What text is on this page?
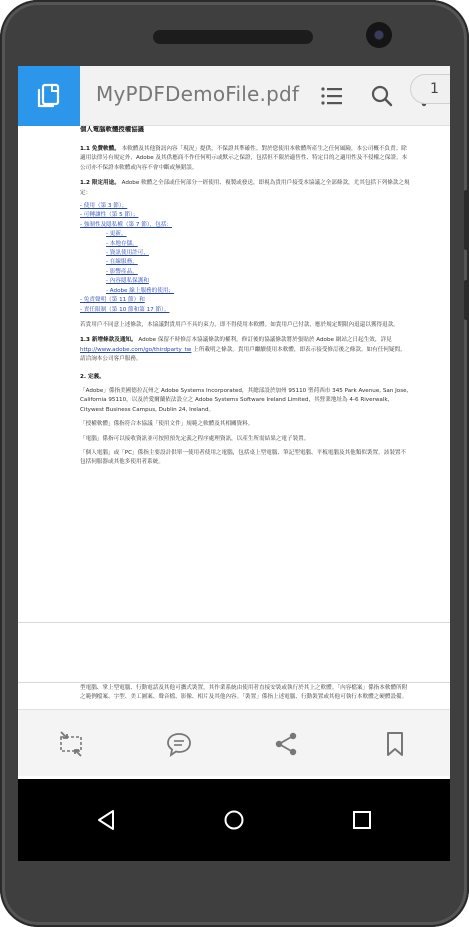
MyPDFDemoFile.pdf
個人電腦軟體授權協議
1.1 免費軟體。 本軟體及其他資訊內容「現況」提供，不保證其準確性。對於您使用本軟體所產生之任何風險，本公司概不負責。除適用法律另有規定外，Adobe 及其供應商不作任何明示或默示之保證，包括但不限於適售性、特定目的之適用性及不侵權之保證。本公司亦不保證本軟體或內容不會中斷或無錯誤。
1.2 限定用途。 Adobe 軟體之全部或任何部分一經使用、複製或發送，即視為貴用戶接受本協議之全部條款，尤其包括下列條款之規定：
- 使用（第 3 節）；
- 可轉讓性（第 5 節）；
- 強制性及隱私權（第 7 節），包括：
- 更新，
- 本地存儲，
- 資訊使用許可，
- 在線服務，
- 影響產品，
- 內容隱私保護和
- Adobe 線上服務的使用；
- 免責聲明（第 11 節）和
- 責任限制（第 10 節和第 17 節）。
若貴用戶不同意上述條款，本協議對貴用戶不具約束力，即不得使用本軟體。如貴用戶已付款，應於規定期限內退還以獲得退款。
1.3 新增條款及通知。 Adobe 保留不時修訂本協議條款的權利。修訂後的協議條款將於張貼於 Adobe 網站之日起生效，詳見 http://www.adobe.com/go/thirdparty_tw 上所載明之條款。貴用戶繼續使用本軟體，即表示接受修訂後之條款。如有任何疑問，請洽詢本公司客戶服務。
2. 定義。
「Adobe」係指美國德拉瓦州之 Adobe Systems Incorporated，其總部設於加州 95110 聖荷西市 345 Park Avenue, San Jose, California 95110，以及於愛爾蘭依法設立之 Adobe Systems Software Ireland Limited，其營業地址為 4-6 Riverwalk, Citywest Business Campus, Dublin 24, Ireland。
「授權軟體」係指符合本協議「使用文件」規範之軟體及其相關資料。
「電腦」係指可以接收資訊並可按照預先定義之程序處理資訊，以產生所需結果之電子裝置。
「個人電腦」或「PC」係指主要設計供單一使用者使用之電腦，包括桌上型電腦、筆記型電腦、平板電腦及其他類似裝置。該裝置不包括伺服器或其他多使用者系統。
型電腦、掌上型電腦、行動電話及其他可攜式裝置，其作業系統由使用者直接安裝或執行於其上之軟體。「內容檔案」係指本軟體所附之範例檔案、字型、美工圖案、聲音檔、影像、相片及其他內容。「裝置」係指上述電腦、行動裝置或其他可執行本軟體之硬體設備。
1
